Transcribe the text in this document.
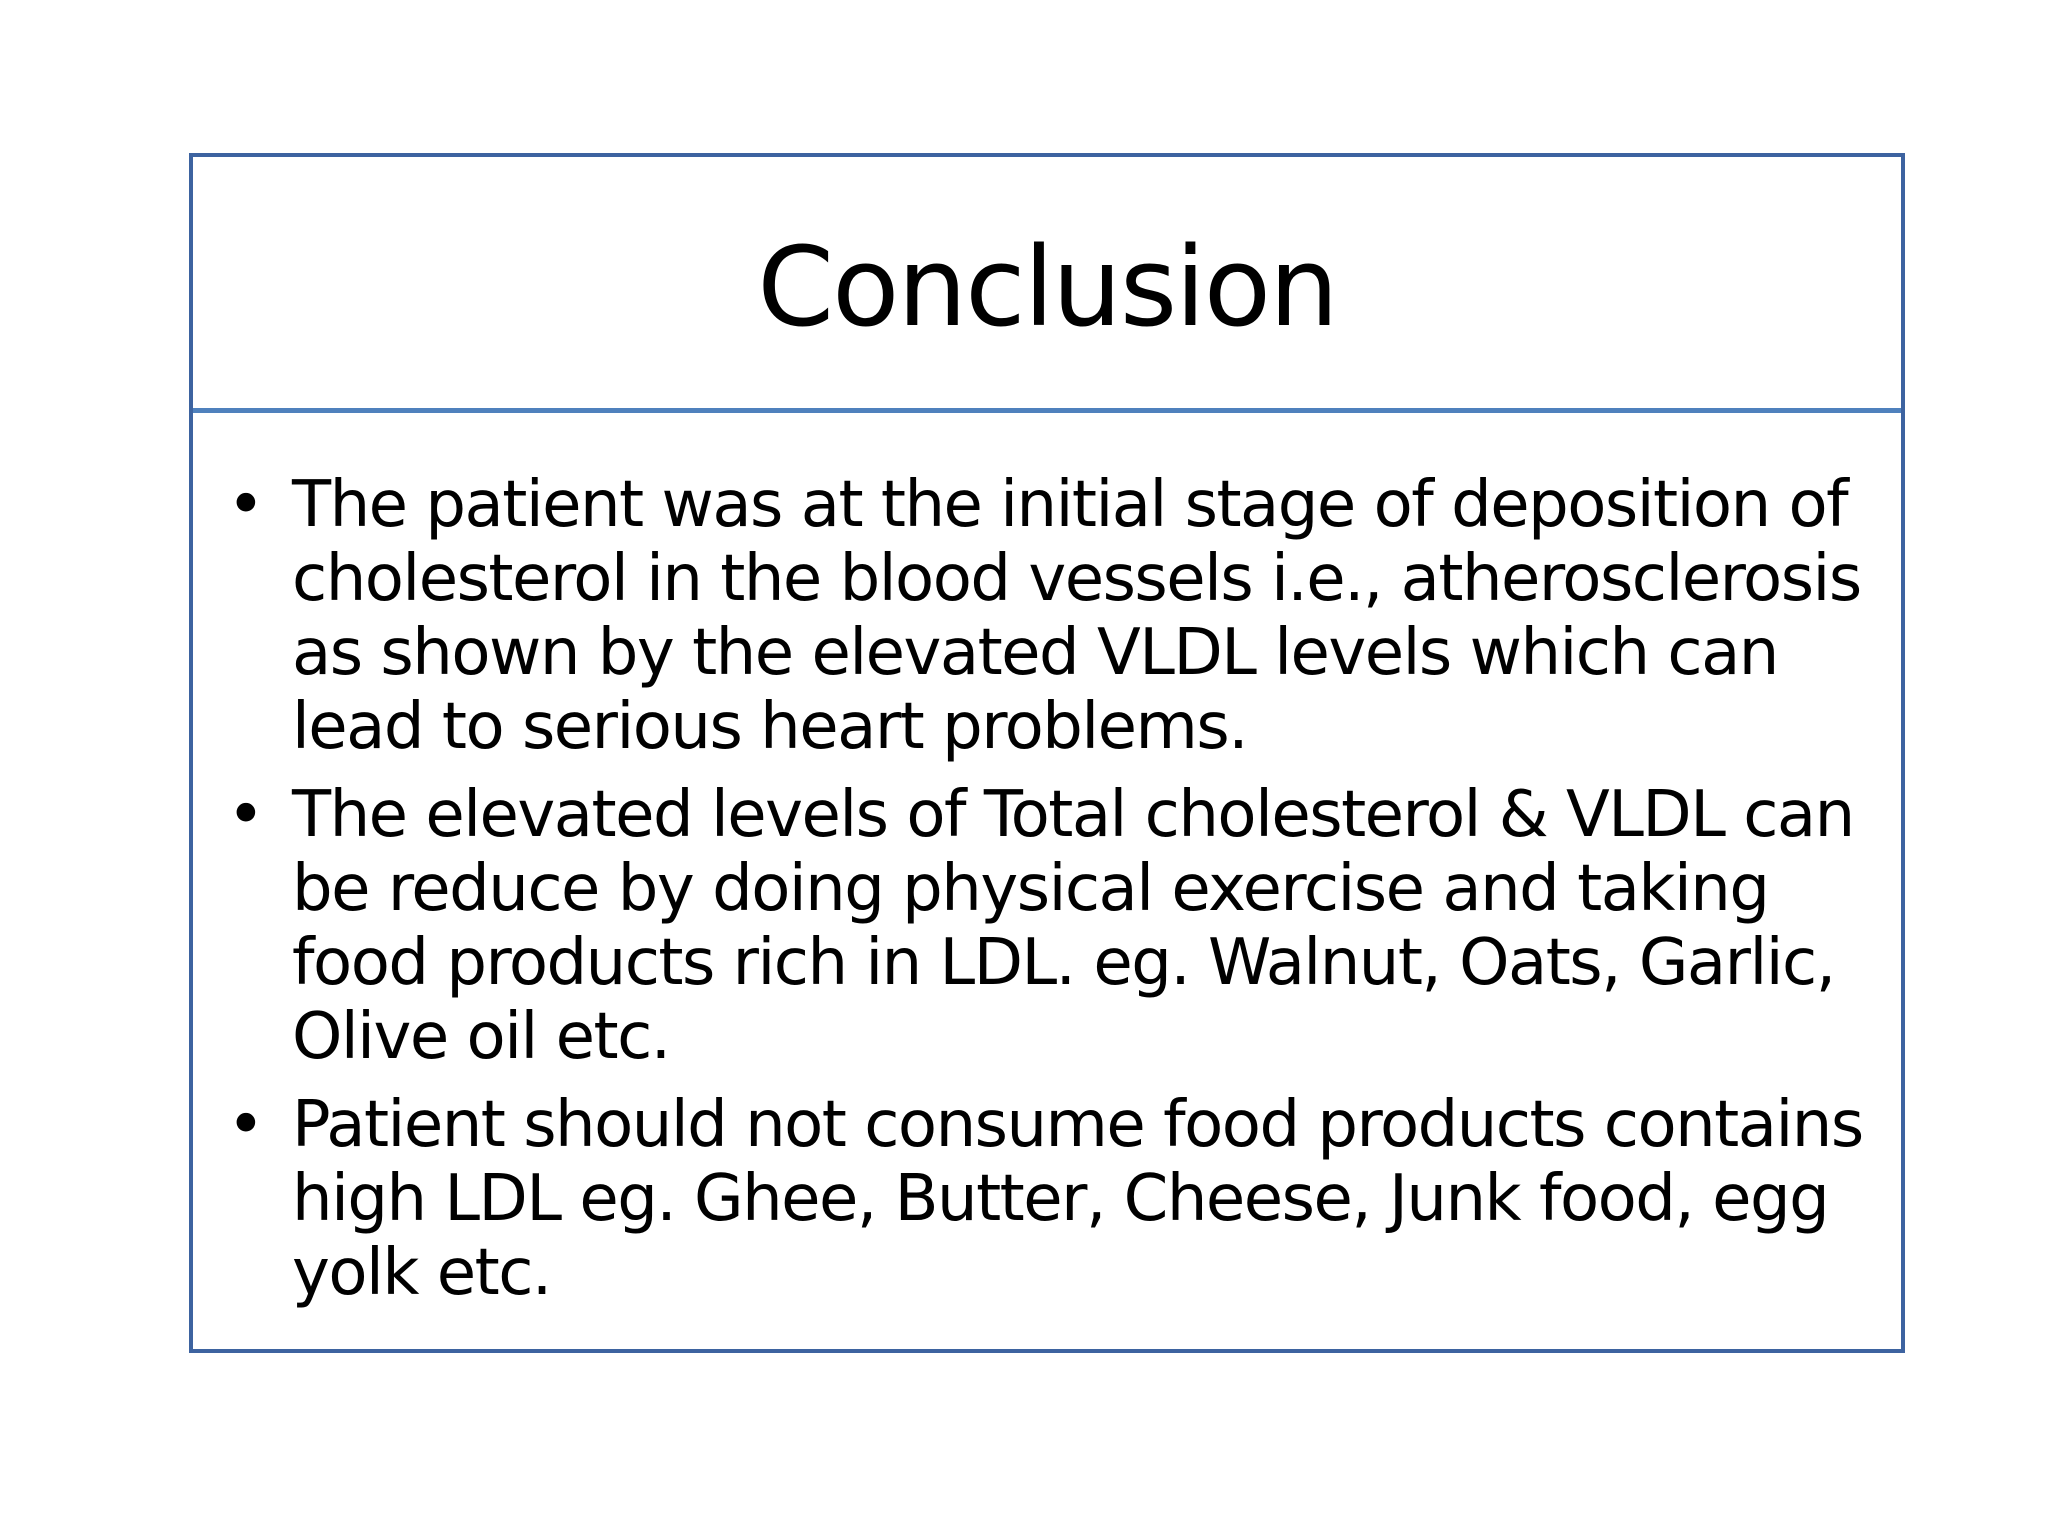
Conclusion
• The patient was at the initial stage of deposition of cholesterol in the blood vessels i.e., atherosclerosis as shown by the elevated VLDL levels which can lead to serious heart problems.
• The elevated levels of Total cholesterol & VLDL can be reduce by doing physical exercise and taking food products rich in LDL. eg. Walnut, Oats, Garlic, Olive oil etc.
• Patient should not consume food products contains high LDL eg. Ghee, Butter, Cheese, Junk food, egg yolk etc.
